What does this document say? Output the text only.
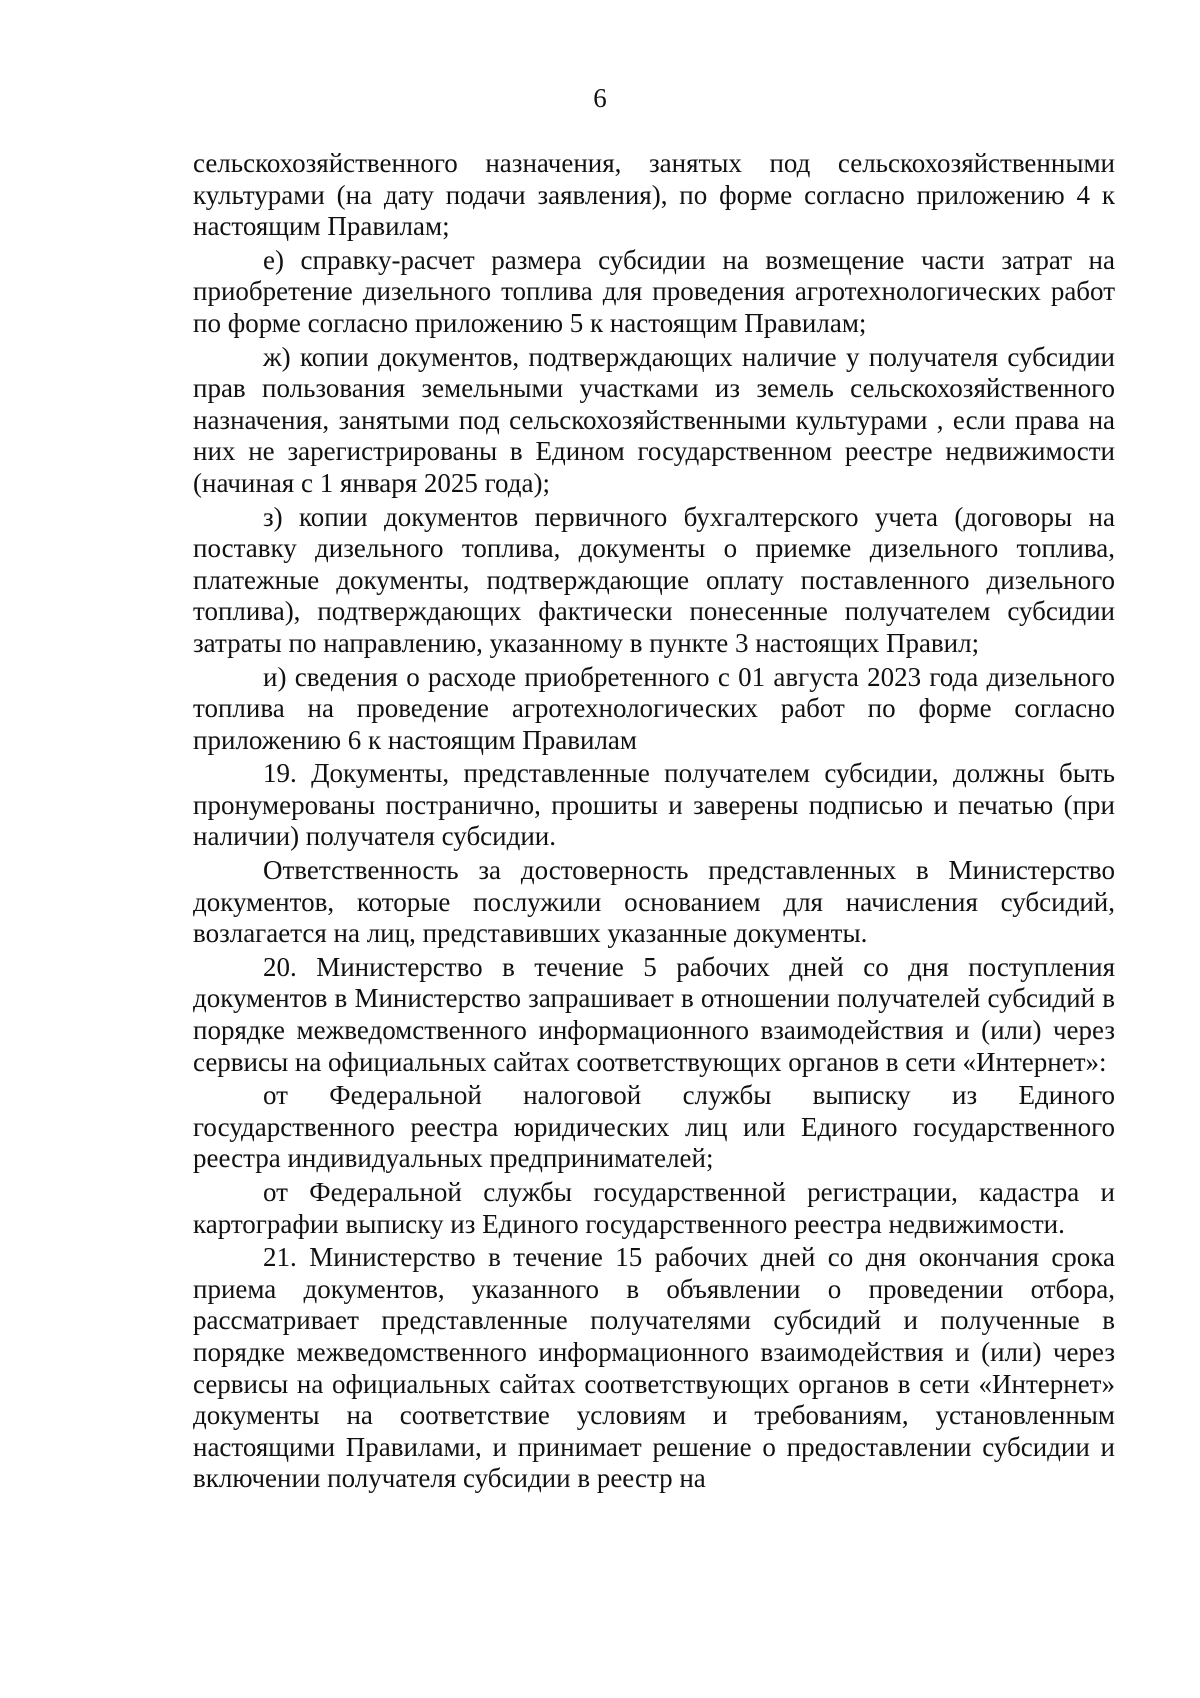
6

сельскохозяйственного назначения, занятых под сельскохозяйственными культурами (на дату подачи заявления), по форме согласно приложению 4 к настоящим Правилам;

е) справку-расчет размера субсидии на возмещение части затрат на приобретение дизельного топлива для проведения агротехнологических работ по форме согласно приложению 5 к настоящим Правилам;

ж) копии документов, подтверждающих наличие у получателя субсидии прав пользования земельными участками из земель сельскохозяйственного назначения, занятыми под сельскохозяйственными культурами , если права на них не зарегистрированы в Едином государственном реестре недвижимости (начиная с 1 января 2025 года);

з) копии документов первичного бухгалтерского учета (договоры на поставку дизельного топлива, документы о приемке дизельного топлива, платежные документы, подтверждающие оплату поставленного дизельного топлива), подтверждающих фактически понесенные получателем субсидии затраты по направлению, указанному в пункте 3 настоящих Правил;

и) сведения о расходе приобретенного с 01 августа 2023 года дизельного топлива на проведение агротехнологических работ по форме согласно приложению 6 к настоящим Правилам

19. Документы, представленные получателем субсидии, должны быть пронумерованы постранично, прошиты и заверены подписью и печатью (при наличии) получателя субсидии.

Ответственность за достоверность представленных в Министерство документов, которые послужили основанием для начисления субсидий, возлагается на лиц, представивших указанные документы.

20. Министерство в течение 5 рабочих дней со дня поступления документов в Министерство запрашивает в отношении получателей субсидий в порядке межведомственного информационного взаимодействия и (или) через сервисы на официальных сайтах соответствующих органов в сети «Интернет»:

от Федеральной налоговой службы выписку из Единого государственного реестра юридических лиц или Единого государственного реестра индивидуальных предпринимателей;

от Федеральной службы государственной регистрации, кадастра и картографии выписку из Единого государственного реестра недвижимости.

21. Министерство в течение 15 рабочих дней со дня окончания срока приема документов, указанного в объявлении о проведении отбора, рассматривает представленные получателями субсидий и полученные в порядке межведомственного информационного взаимодействия и (или) через сервисы на официальных сайтах соответствующих органов в сети «Интернет» документы на соответствие условиям и требованиям, установленным настоящими Правилами, и принимает решение о предоставлении субсидии и включении получателя субсидии в реестр на
